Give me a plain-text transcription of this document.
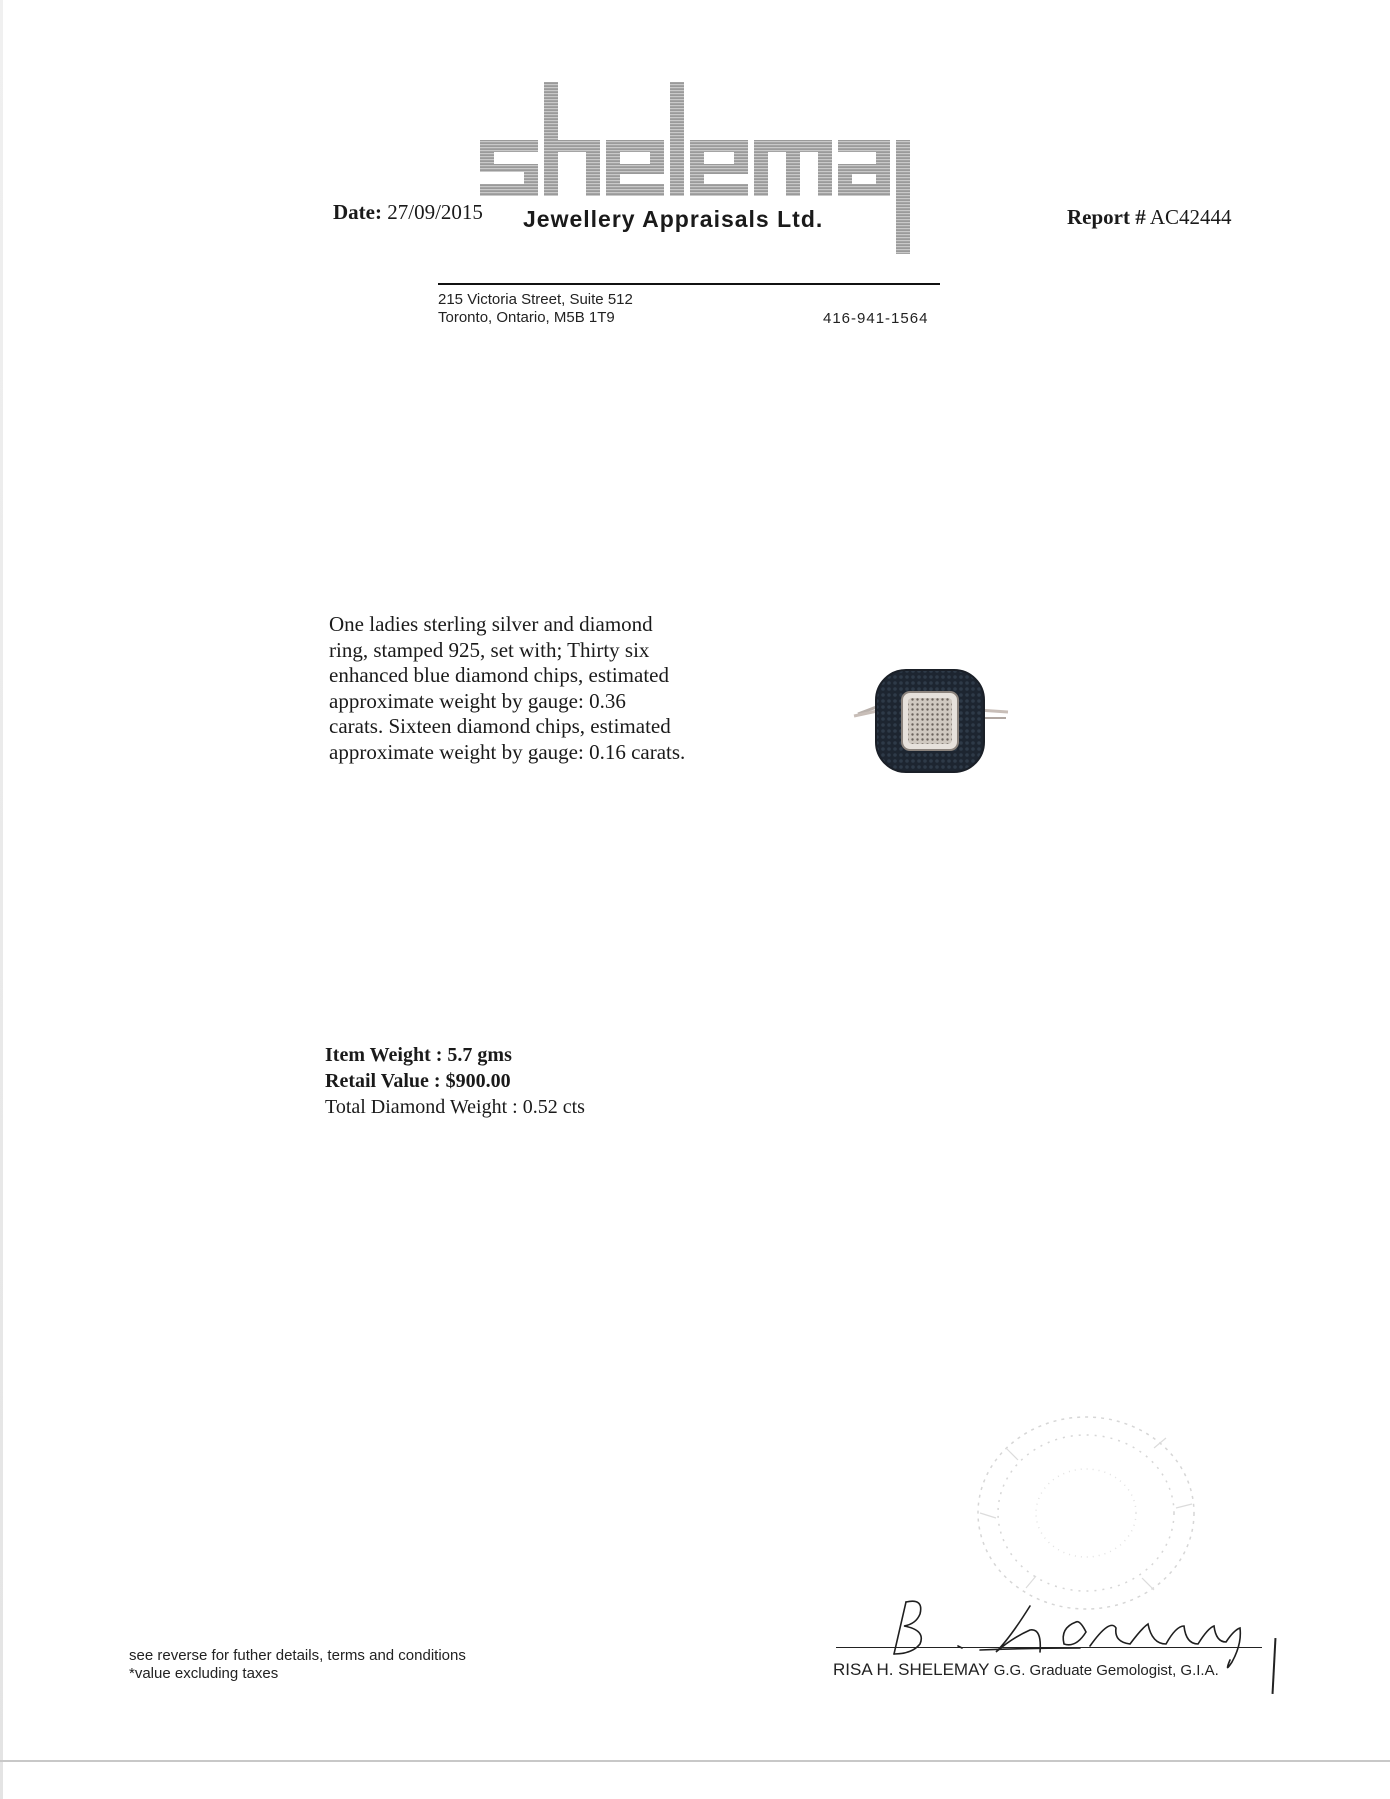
Date: 27/09/2015 Jewellery Appraisals Ltd.	Report # AC42444
215 Victoria Street, Suite 512
Toronto, Ontario, M5B 1T9	416-941-1564
One ladies sterling silver and diamond
ring, stamped 925, set with; Thirty six
enhanced blue diamond chips, estimated
approximate weight by gauge: 0.36
carats. Sixteen diamond chips, estimated
approximate weight by gauge: 0.16 carats.
Item Weight : 5.7 gms
Retail Value : $900.00
Total Diamond Weight : 0.52 cts
RISA H. SHELEMAY G.G. Graduate Gemologist, G.I.A.
see reverse for futher details, terms and conditions
*value excluding taxes
